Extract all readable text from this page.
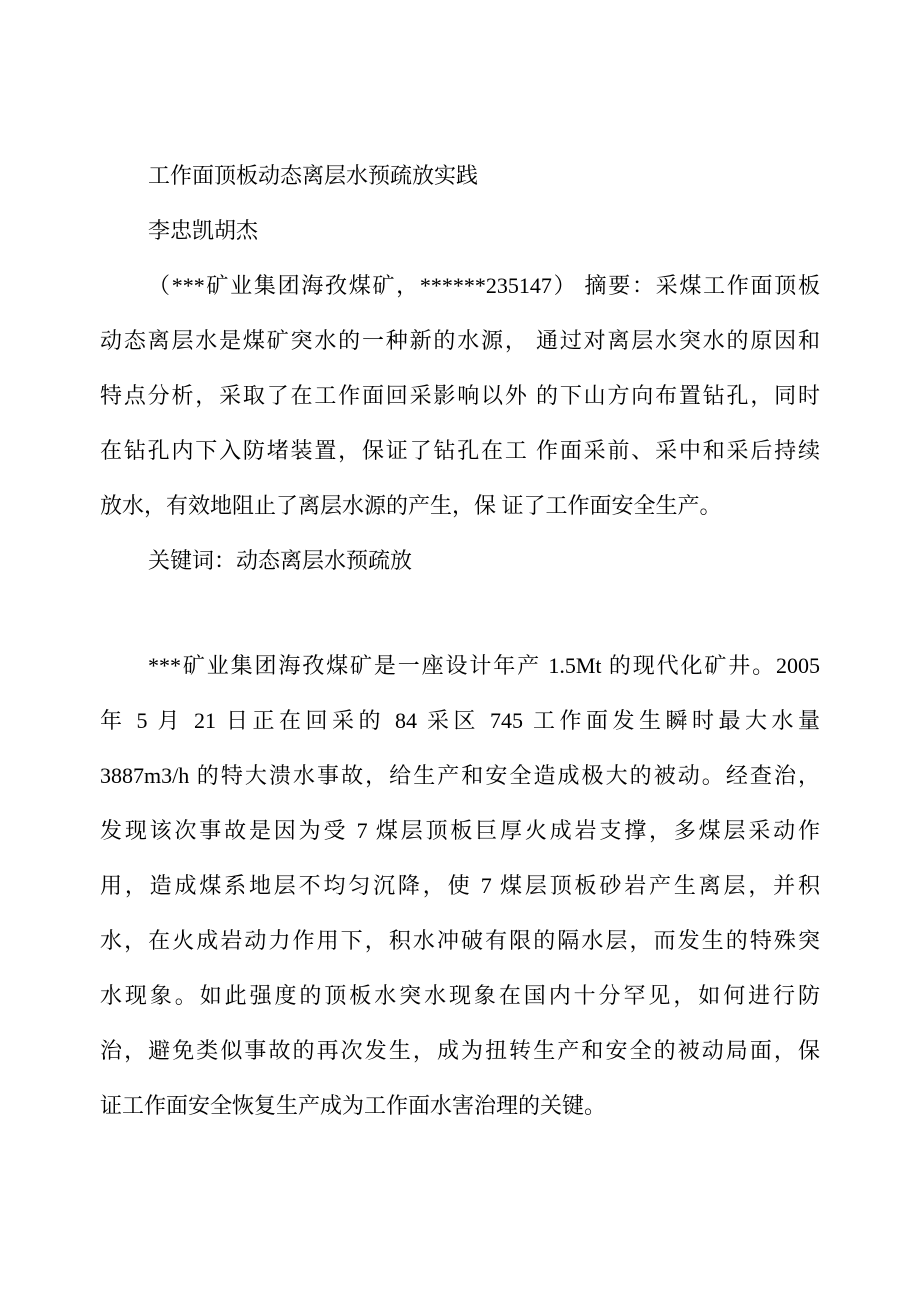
工作面顶板动态离层水预疏放实践
李忠凯胡杰
（***矿业集团海孜煤矿，******235147） 摘要：采煤工作面顶板
动态离层水是煤矿突水的一种新的水源， 通过对离层水突水的原因和
特点分析，采取了在工作面回采影响以外 的下山方向布置钻孔，同时
在钻孔内下入防堵装置，保证了钻孔在工 作面采前、采中和采后持续
放水，有效地阻止了离层水源的产生，保 证了工作面安全生产。
关键词：动态离层水预疏放
***矿业集团海孜煤矿是一座设计年产 1.5Mt 的现代化矿井。2005
年 5 月 21 日正在回采的 84 采区 745 工作面发生瞬时最大水量
3887m3/h 的特大溃水事故，给生产和安全造成极大的被动。经查治，
发现该次事故是因为受 7 煤层顶板巨厚火成岩支撑，多煤层采动作
用，造成煤系地层不均匀沉降，使 7 煤层顶板砂岩产生离层，并积
水，在火成岩动力作用下，积水冲破有限的隔水层，而发生的特殊突
水现象。如此强度的顶板水突水现象在国内十分罕见，如何进行防
治，避免类似事故的再次发生，成为扭转生产和安全的被动局面，保
证工作面安全恢复生产成为工作面水害治理的关键。
